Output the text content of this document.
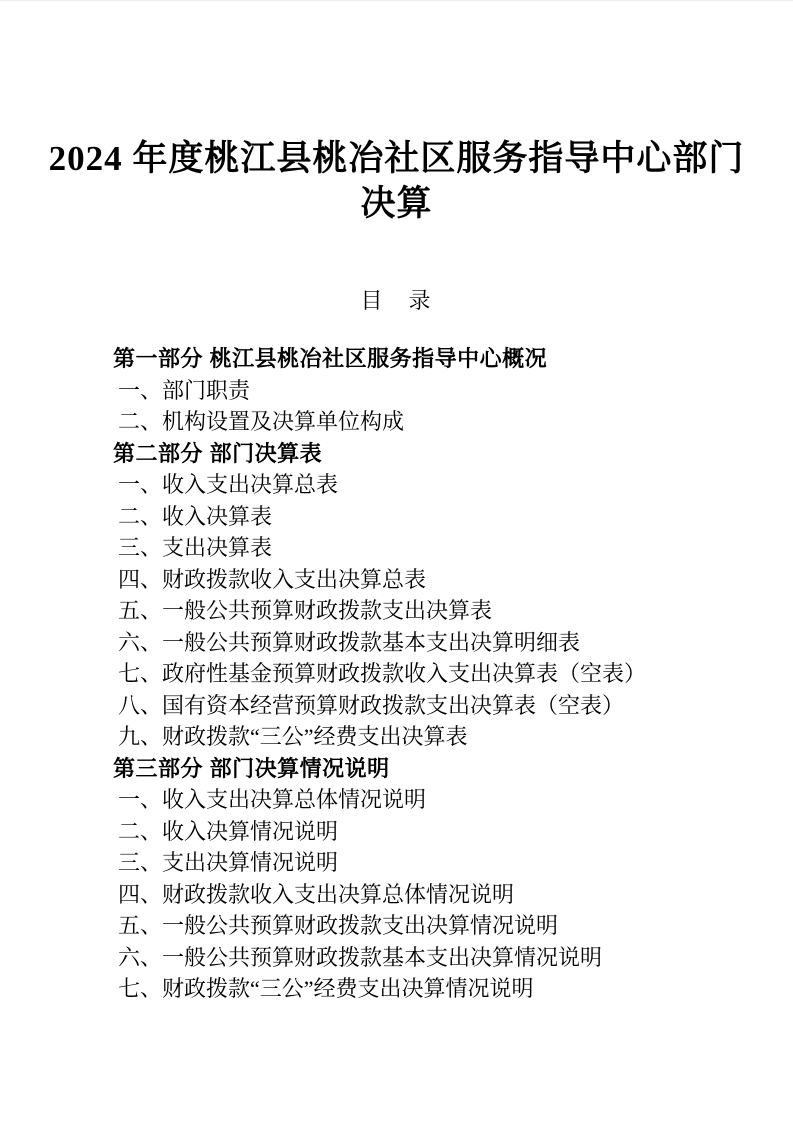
2024 年度桃江县桃冶社区服务指导中心部门
决算
目　录
第一部分 桃江县桃冶社区服务指导中心概况
一、部门职责
二、机构设置及决算单位构成
第二部分 部门决算表
一、收入支出决算总表
二、收入决算表
三、支出决算表
四、财政拨款收入支出决算总表
五、一般公共预算财政拨款支出决算表
六、一般公共预算财政拨款基本支出决算明细表
七、政府性基金预算财政拨款收入支出决算表（空表）
八、国有资本经营预算财政拨款支出决算表（空表）
九、财政拨款“三公”经费支出决算表
第三部分 部门决算情况说明
一、收入支出决算总体情况说明
二、收入决算情况说明
三、支出决算情况说明
四、财政拨款收入支出决算总体情况说明
五、一般公共预算财政拨款支出决算情况说明
六、一般公共预算财政拨款基本支出决算情况说明
七、财政拨款“三公”经费支出决算情况说明
